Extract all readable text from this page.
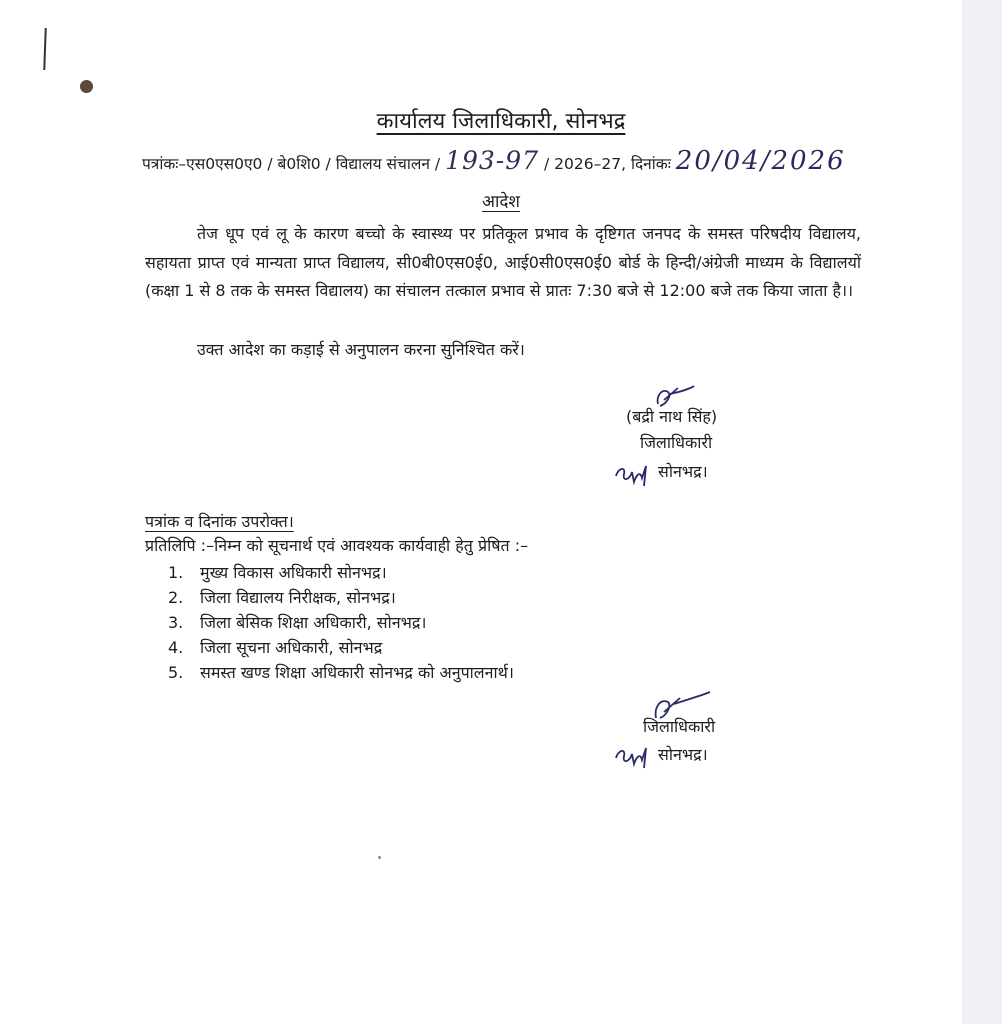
कार्यालय जिलाधिकारी, सोनभद्र
पत्रांकः–एस0एस0ए0 / बे0शि0 / विद्यालय संचालन / 193-97 / 2026–27, दिनांकः 20/04/2026
आदेश

तेज धूप एवं लू के कारण बच्चो के स्वास्थ्य पर प्रतिकूल प्रभाव के दृष्टिगत जनपद के समस्त परिषदीय विद्यालय, सहायता प्राप्त एवं मान्यता प्राप्त विद्यालय, सी0बी0एस0ई0, आई0सी0एस0ई0 बोर्ड के हिन्दी/अंग्रेजी माध्यम के विद्यालयों (कक्षा 1 से 8 तक के समस्त विद्यालय) का संचालन तत्काल प्रभाव से प्रातः 7:30 बजे से 12:00 बजे तक किया जाता है।।

उक्त आदेश का कड़ाई से अनुपालन करना सुनिश्चित करें।

(बद्री नाथ सिंह)
जिलाधिकारी
सोनभद्र।
पत्रांक व दिनांक उपरोक्त।
प्रतिलिपि :–निम्न को सूचनार्थ एवं आवश्यक कार्यवाही हेतु प्रेषित :–
1. मुख्य विकास अधिकारी सोनभद्र।
2. जिला विद्यालय निरीक्षक, सोनभद्र।
3. जिला बेसिक शिक्षा अधिकारी, सोनभद्र।
4. जिला सूचना अधिकारी, सोनभद्र
5. समस्त खण्ड शिक्षा अधिकारी सोनभद्र को अनुपालनार्थ।
जिलाधिकारी
सोनभद्र।
